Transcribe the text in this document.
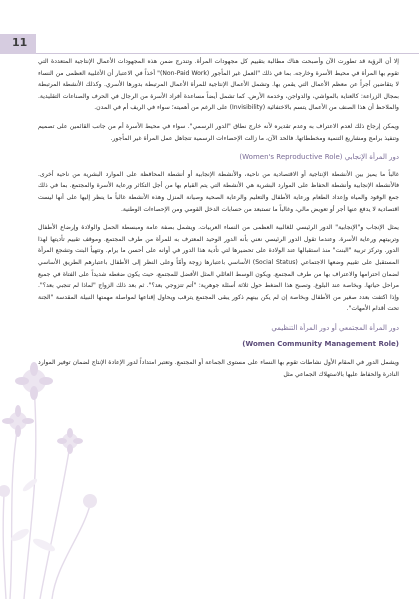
11

إلا أن الرؤية قد تطورت الآن وأصبحت هناك مطالبة بتقييم كل مجهودات المرأة. وتندرج ضمن هذه المجهودات الأعمال الإنتاجية المتعددة التي تقوم بها المرأة في محيط الأسرة وخارجه. بما في ذلك "العمل غير المأجور (Non-Paid Work)" أخذاً في الاعتبار أن الأغلبية العظمى من النساء لا يتقاضين أجراً عن معظم الأعمال التي يقمن بها. وتشمل الأعمال الإنتاجية للمرأة الأعمال المرتبطة بدورها الأسري. وكذلك الأنشطة المرتبطة بمجال الزراعة: كالعناية بالمواشي، والدواجن، وخدمة الأرض. كما تشمل أيضاً مساعدة أفراد الأسرة من الرجال في الحرف والصناعات التقليدية. والملاحظ أن هذا الصنف من الأعمال يتسم بالاختفائية (Invisibility) على الرغم من أهميته؛ سواء في الريف أم في المدن.

ويمكن إرجاع ذلك لعدم الاعتراف به وعدم تقديره لأنه خارج نطاق "الدور الرسمي". سواء في محيط الأسرة أم من جانب القائمين على تصميم وتنفيذ برامج ومشاريع التنمية ومخططاتها. فالحد الآن، ما زالت الإحصاءات الرسمية تتجاهل عمل المرأة غير المأجور.

دور المرأة الإنجابي (Women's Reproductive Role)

غالباً ما يميز بين الأنشطة الإنتاجية أو الاقتصادية من ناحية، والأنشطة الإنجابية أو أنشطة المحافظة على الموارد البشرية من ناحية أخرى. فالأنشطة الإنجابية وأنشطة الحفاظ على الموارد البشرية هي الأنشطة التي يتم القيام بها من أجل التكاثر ورعاية الأسرة والمجتمع. بما في ذلك جمع الوقود والمياه وإعداد الطعام ورعاية الأطفال والتعليم والرعاية الصحية وصيانة المنزل وهذه الأنشطة غالباً ما ينظر إليها على أنها ليست اقتصادية لا يدفع عنها أجر أو تعويض مالي، وغالباً ما تستبعد من حسابات الدخل القومي ومن الإحصاءات الوطنية.

يمثل الإنجاب و"الإنجابية" الدور الرئيسي للغالبية العظمى من النساء العربيات. ويشمل بصفة عامة ومبسطة الحمل والولادة وإرضاع الأطفال وتربيتهم ورعاية الأسرة. وعندما تقول الدور الرئيسي نعني بأنه الدور الوحيد المعترف به للمرأة من طرف المجتمع. وموقف تقييم تأديتها لهذا الدور. وتركز تربية "البنت" منذ استقبالها عند الولادة على تحضيرها لتي تأدية هذا الدور في أوانه على أحسن ما يرام. وتتهيأ البنت وتشجع المرأة المستقبل على تقييم وضعها الاجتماعي (Social Status) الأساسي باعتبارها زوجة وأمّاً وعلى النظر إلى الأطفال باعتبارهم الطريق الأساسي لضمان احترامها والاعتراف بها من طرف المجتمع. ويكون الوسط العائلي المثل الأفضل للمجتمع، حيث يكون ضغطه شديداً على الفتاة في جميع مراحل حياتها. وبخاصة عند البلوغ. وتصبح هذا الضغط حول ثلاثة أسئلة جوهرية: "أتم تتزوجي بعد؟". ثم بعد ذلك الزواج "لماذا لم تنجبي بعد؟". وإذا اكتفت بعدد صغير من الأطفال وبخاصة إن لم يكن بينهم ذكور يبقى المجتمع يترقب ويحاول إقناعها لمواصلة مهمتها النبيلة المقدسة "الجنة تحت أقدام الأمهات".

دور المرأة المجتمعي أو دور المرأة التنظيمي
(Women Community Management Role)

ويشمل الدور في المقام الأول نشاطات تقوم بها النساء على مستوى الجماعة أو المجتمع. وتعتبر امتداداً لدور الإعادة الإنتاج لضمان توفير الموارد النادرة والحفاظ عليها بالاستهلاك الجماعي مثل
